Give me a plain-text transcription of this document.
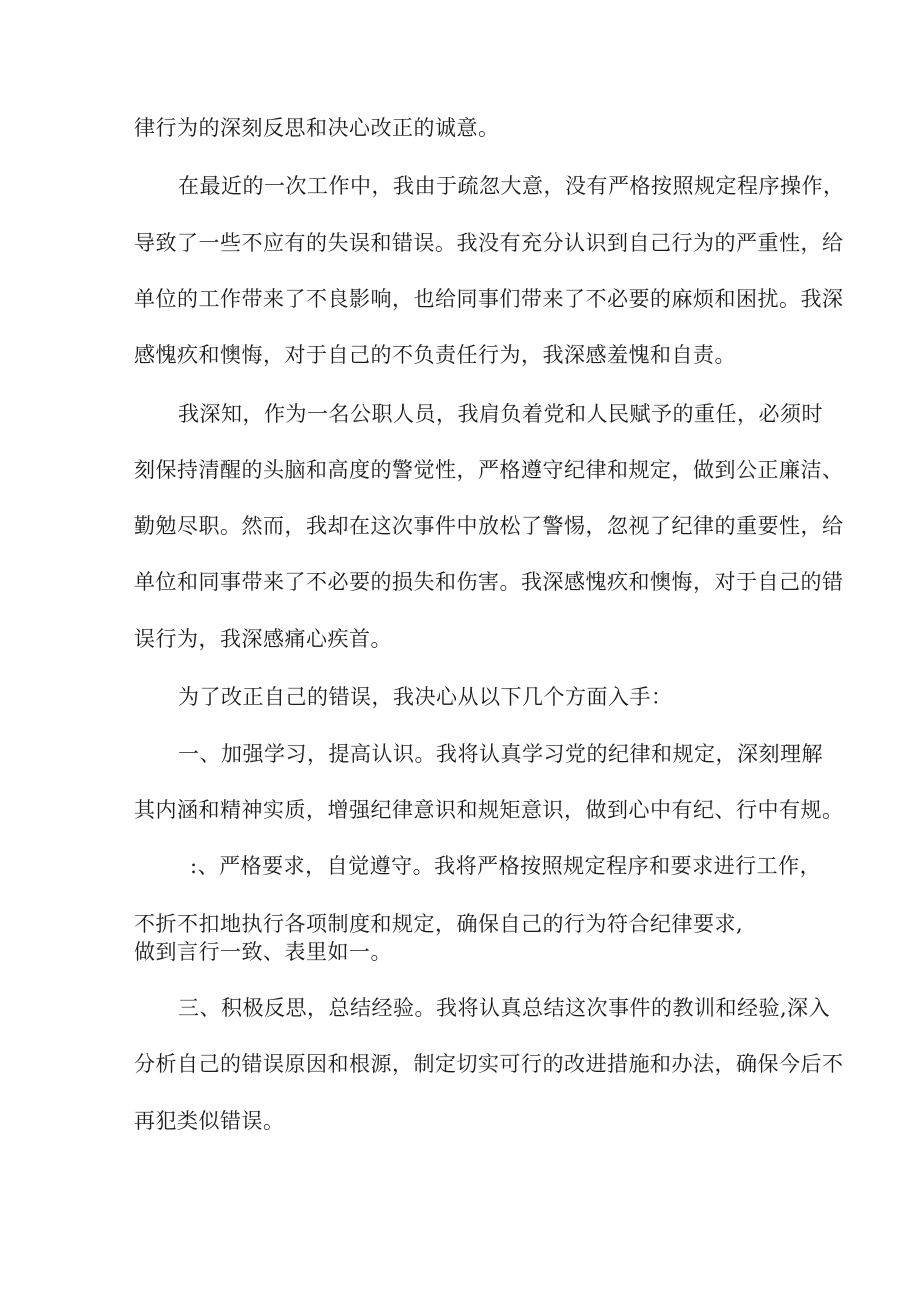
律行为的深刻反思和决心改正的诚意。
在最近的一次工作中，我由于疏忽大意，没有严格按照规定程序操作，
导致了一些不应有的失误和错误。我没有充分认识到自己行为的严重性，给
单位的工作带来了不良影响，也给同事们带来了不必要的麻烦和困扰。我深
感愧疚和懊悔，对于自己的不负责任行为，我深感羞愧和自责。
我深知，作为一名公职人员，我肩负着党和人民赋予的重任，必须时
刻保持清醒的头脑和高度的警觉性，严格遵守纪律和规定，做到公正廉洁、
勤勉尽职。然而，我却在这次事件中放松了警惕，忽视了纪律的重要性，给
单位和同事带来了不必要的损失和伤害。我深感愧疚和懊悔，对于自己的错
误行为，我深感痛心疾首。
为了改正自己的错误，我决心从以下几个方面入手：
一、加强学习，提高认识。我将认真学习党的纪律和规定，深刻理解
其内涵和精神实质，增强纪律意识和规矩意识，做到心中有纪、行中有规。
:、严格要求，自觉遵守。我将严格按照规定程序和要求进行工作，
不折不扣地执行各项制度和规定，确保自己的行为符合纪律要求,
做到言行一致、表里如一。
三、积极反思，总结经验。我将认真总结这次事件的教训和经验,深入
分析自己的错误原因和根源，制定切实可行的改进措施和办法，确保今后不
再犯类似错误。
